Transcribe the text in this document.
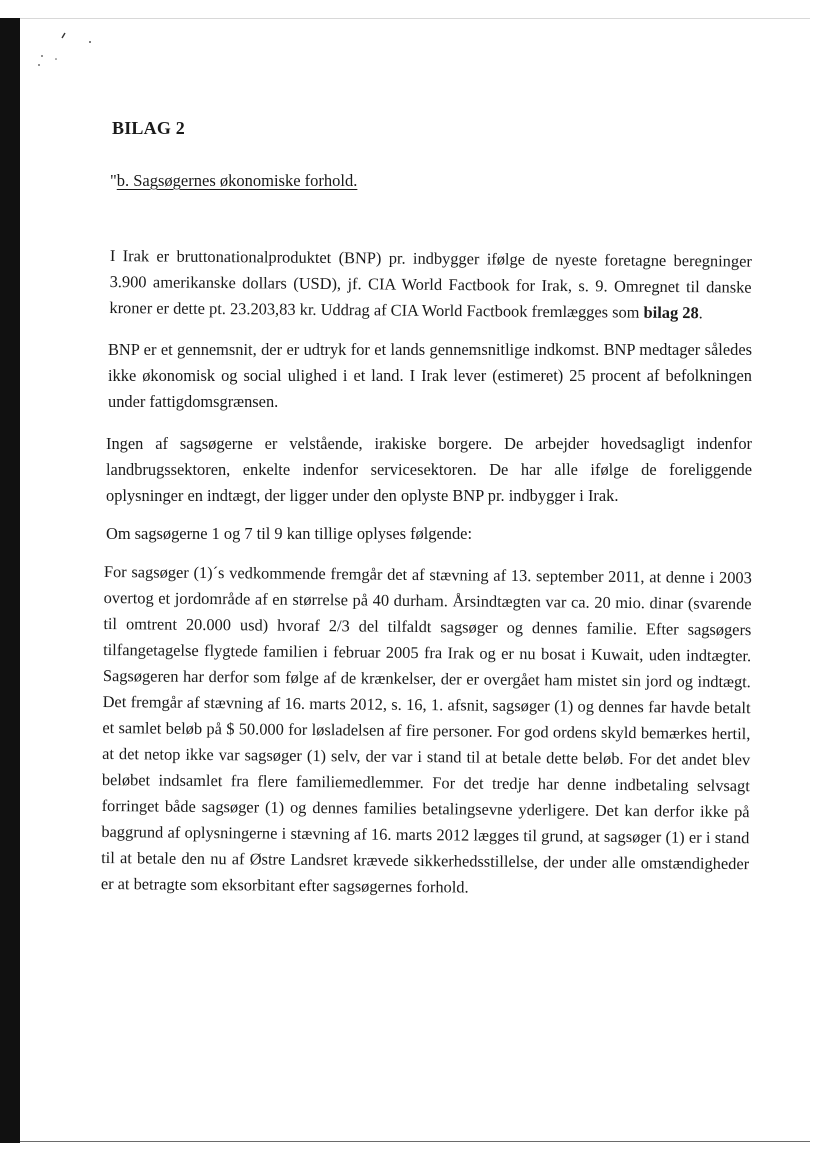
BILAG 2
"b. Sagsøgernes økonomiske forhold.

I Irak er bruttonationalproduktet (BNP) pr. indbygger ifølge de nyeste foretagne beregninger 3.900 amerikanske dollars (USD), jf. CIA World Factbook for Irak, s. 9. Omregnet til danske kroner er dette pt. 23.203,83 kr. Uddrag af CIA World Factbook fremlægges som bilag 28.

BNP er et gennemsnit, der er udtryk for et lands gennemsnitlige indkomst. BNP medtager således ikke økonomisk og social ulighed i et land. I Irak lever (estimeret) 25 procent af befolkningen under fattigdomsgrænsen.

Ingen af sagsøgerne er velstående, irakiske borgere. De arbejder hovedsagligt indenfor landbrugssektoren, enkelte indenfor servicesektoren. De har alle ifølge de foreliggende oplysninger en indtægt, der ligger under den oplyste BNP pr. indbygger i Irak.

Om sagsøgerne 1 og 7 til 9 kan tillige oplyses følgende:

For sagsøger (1)´s vedkommende fremgår det af stævning af 13. september 2011, at denne i 2003 overtog et jordområde af en størrelse på 40 durham. Årsindtægten var ca. 20 mio. dinar (svarende til omtrent 20.000 usd) hvoraf 2/3 del tilfaldt sagsøger og dennes familie. Efter sagsøgers tilfangetagelse flygtede familien i februar 2005 fra Irak og er nu bosat i Kuwait, uden indtægter. Sagsøgeren har derfor som følge af de krænkelser, der er overgået ham mistet sin jord og indtægt. Det fremgår af stævning af 16. marts 2012, s. 16, 1. afsnit, sagsøger (1) og dennes far havde betalt et samlet beløb på $ 50.000 for løsladelsen af fire personer. For god ordens skyld bemærkes hertil, at det netop ikke var sagsøger (1) selv, der var i stand til at betale dette beløb. For det andet blev beløbet indsamlet fra flere familiemedlemmer. For det tredje har denne indbetaling selvsagt forringet både sagsøger (1) og dennes families betalingsevne yderligere. Det kan derfor ikke på baggrund af oplysningerne i stævning af 16. marts 2012 lægges til grund, at sagsøger (1) er i stand til at betale den nu af Østre Landsret krævede sikkerhedsstillelse, der under alle omstændigheder er at betragte som eksorbitant efter sagsøgernes forhold.
